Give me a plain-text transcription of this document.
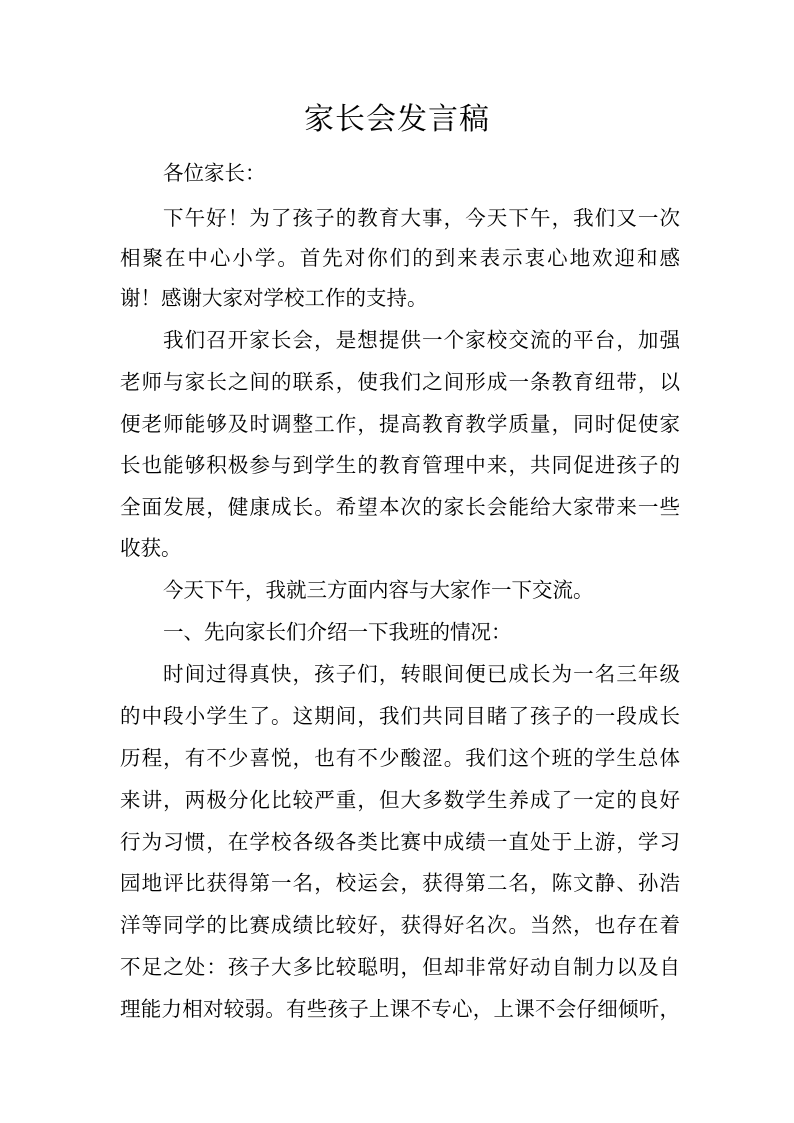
家长会发言稿
各位家长：
下午好！为了孩子的教育大事，今天下午，我们又一次
相聚在中心小学。首先对你们的到来表示衷心地欢迎和感
谢！感谢大家对学校工作的支持。
我们召开家长会，是想提供一个家校交流的平台，加强
老师与家长之间的联系，使我们之间形成一条教育纽带，以
便老师能够及时调整工作，提高教育教学质量，同时促使家
长也能够积极参与到学生的教育管理中来，共同促进孩子的
全面发展，健康成长。希望本次的家长会能给大家带来一些
收获。
今天下午，我就三方面内容与大家作一下交流。
一、先向家长们介绍一下我班的情况：
时间过得真快，孩子们，转眼间便已成长为一名三年级
的中段小学生了。这期间，我们共同目睹了孩子的一段成长
历程，有不少喜悦，也有不少酸涩。我们这个班的学生总体
来讲，两极分化比较严重，但大多数学生养成了一定的良好
行为习惯，在学校各级各类比赛中成绩一直处于上游，学习
园地评比获得第一名，校运会，获得第二名，陈文静、孙浩
洋等同学的比赛成绩比较好，获得好名次。当然，也存在着
不足之处：孩子大多比较聪明，但却非常好动自制力以及自
理能力相对较弱。有些孩子上课不专心，上课不会仔细倾听，
